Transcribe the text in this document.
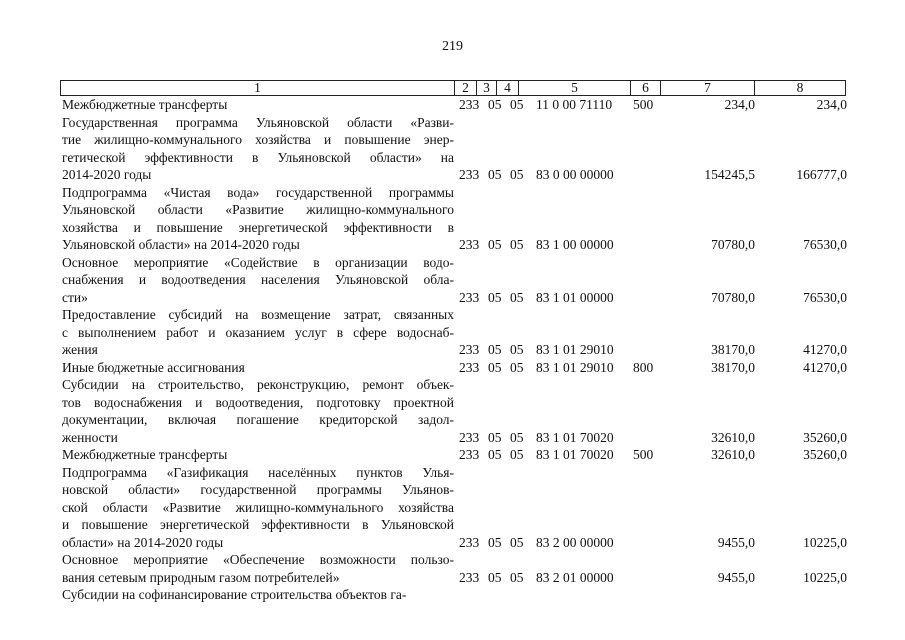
219
1	2	3	4	5	6	7	8
Межбюджетные трансферты	233 05 05 11 0 00 71110 500	234,0	234,0
Государственная программа Ульяновской области «Разви-
тие жилищно-коммунального хозяйства и повышение энер-
гетической эффективности в Ульяновской области» на
2014-2020 годы	233 05 05 83 0 00 00000	154245,5	166777,0
Подпрограмма «Чистая вода» государственной программы
Ульяновской области «Развитие жилищно-коммунального
хозяйства и повышение энергетической эффективности в
Ульяновской области» на 2014-2020 годы	233 05 05 83 1 00 00000	70780,0	76530,0
Основное мероприятие «Содействие в организации водо-
снабжения и водоотведения населения Ульяновской обла-
сти»	233 05 05 83 1 01 00000	70780,0	76530,0
Предоставление субсидий на возмещение затрат, связанных
с выполнением работ и оказанием услуг в сфере водоснаб-
жения	233 05 05 83 1 01 29010	38170,0	41270,0
Иные бюджетные ассигнования	233 05 05 83 1 01 29010 800	38170,0	41270,0
Субсидии на строительство, реконструкцию, ремонт объек-
тов водоснабжения и водоотведения, подготовку проектной
документации, включая погашение кредиторской задол-
женности	233 05 05 83 1 01 70020	32610,0	35260,0
Межбюджетные трансферты	233 05 05 83 1 01 70020 500	32610,0	35260,0
Подпрограмма «Газификация населённых пунктов Улья-
новской области» государственной программы Ульянов-
ской области «Развитие жилищно-коммунального хозяйства
и повышение энергетической эффективности в Ульяновской
области» на 2014-2020 годы	233 05 05 83 2 00 00000	9455,0	10225,0
Основное мероприятие «Обеспечение возможности пользо-
вания сетевым природным газом потребителей»	233 05 05 83 2 01 00000	9455,0	10225,0
Субсидии на софинансирование строительства объектов га-
